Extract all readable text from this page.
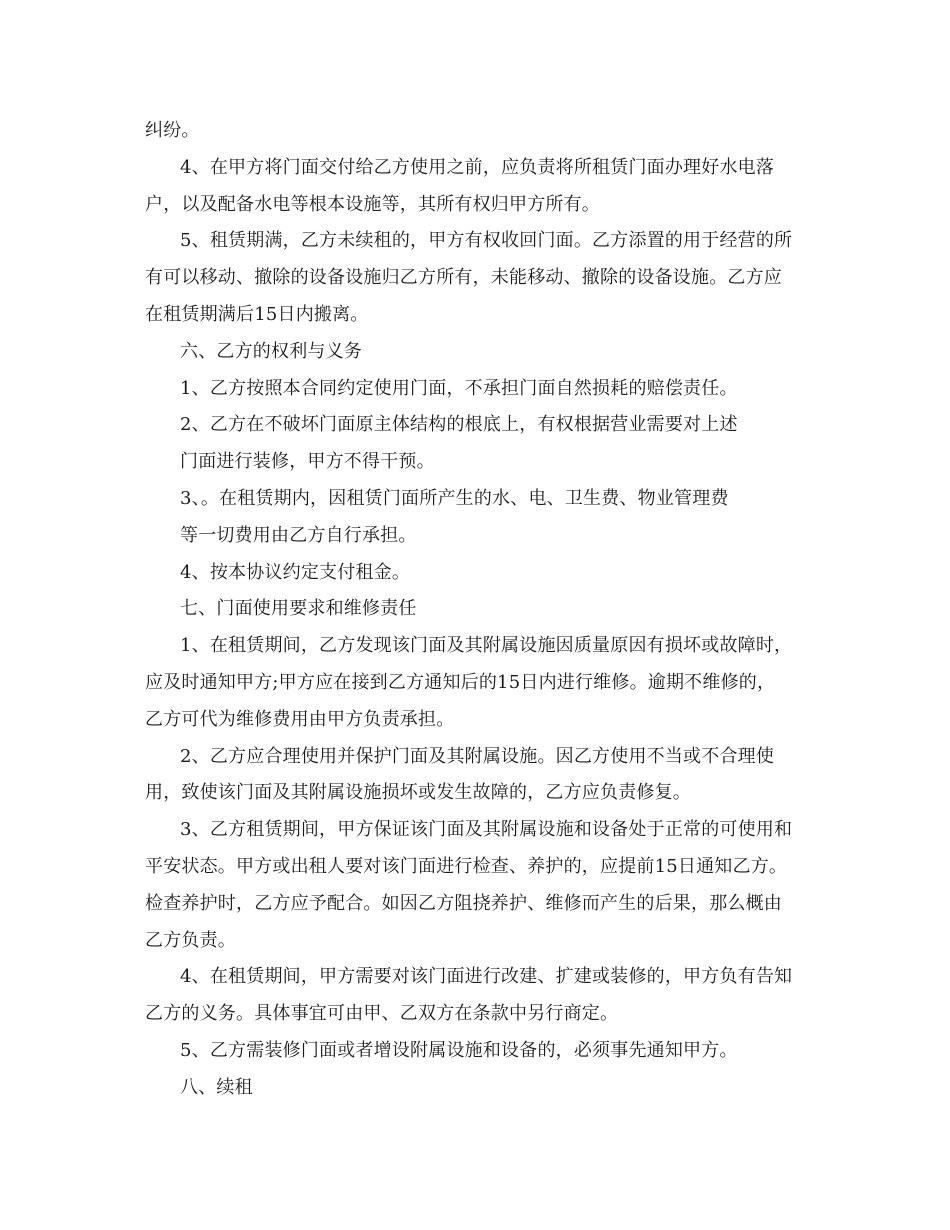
纠纷。
4、在甲方将门面交付给乙方使用之前，应负责将所租赁门面办理好水电落
户，以及配备水电等根本设施等，其所有权归甲方所有。
5、租赁期满，乙方未续租的，甲方有权收回门面。乙方添置的用于经营的所
有可以移动、撤除的设备设施归乙方所有，未能移动、撤除的设备设施。乙方应
在租赁期满后15日内搬离。
六、乙方的权利与义务
1、乙方按照本合同约定使用门面，不承担门面自然损耗的赔偿责任。
2、乙方在不破坏门面原主体结构的根底上，有权根据营业需要对上述
门面进行装修，甲方不得干预。
3、。在租赁期内，因租赁门面所产生的水、电、卫生费、物业管理费
等一切费用由乙方自行承担。
4、按本协议约定支付租金。
七、门面使用要求和维修责任
1、在租赁期间，乙方发现该门面及其附属设施因质量原因有损坏或故障时，
应及时通知甲方;甲方应在接到乙方通知后的15日内进行维修。逾期不维修的，
乙方可代为维修费用由甲方负责承担。
2、乙方应合理使用并保护门面及其附属设施。因乙方使用不当或不合理使
用，致使该门面及其附属设施损坏或发生故障的，乙方应负责修复。
3、乙方租赁期间，甲方保证该门面及其附属设施和设备处于正常的可使用和
平安状态。甲方或出租人要对该门面进行检查、养护的，应提前15日通知乙方。
检查养护时，乙方应予配合。如因乙方阻挠养护、维修而产生的后果，那么概由
乙方负责。
4、在租赁期间，甲方需要对该门面进行改建、扩建或装修的，甲方负有告知
乙方的义务。具体事宜可由甲、乙双方在条款中另行商定。
5、乙方需装修门面或者增设附属设施和设备的，必须事先通知甲方。
八、续租
